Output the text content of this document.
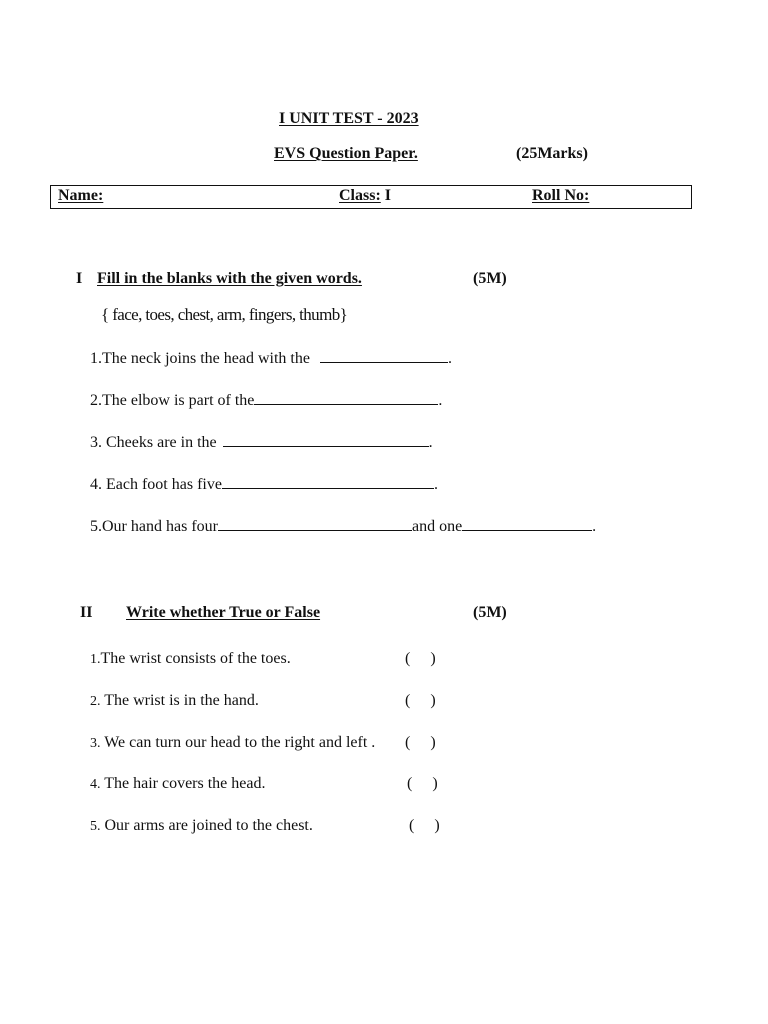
I UNIT TEST - 2023
EVS Question Paper.	(25Marks)
Name:	Class: I	Roll No:
I Fill in the blanks with the given words.	(5M)
{ face, toes, chest, arm, fingers, thumb}
1.The neck joins the head with the	.
2.The elbow is part of the	.
3. Cheeks are in the	.
4. Each foot has five	.
5.Our hand has four	and one	.
II Write whether True or False	(5M)
1.The wrist consists of the toes.	(     )
2. The wrist is in the hand.	(     )
3. We can turn our head to the right and left . (     )
4. The hair covers the head.	(     )
5. Our arms are joined to the chest.	(     )
